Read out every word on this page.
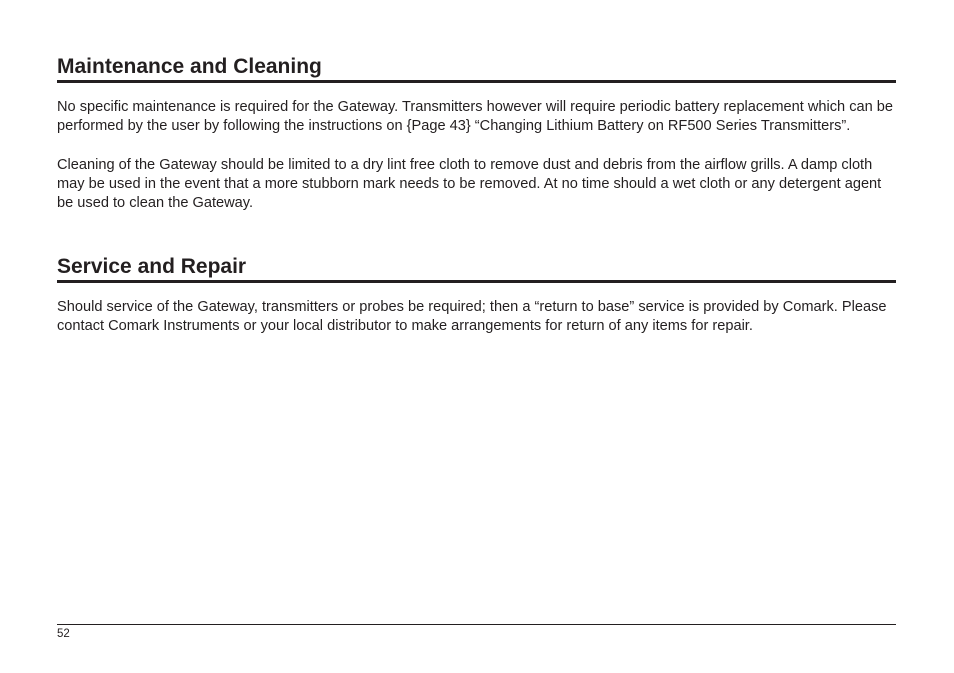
Maintenance and Cleaning

No specific maintenance is required for the Gateway. Transmitters however will require periodic battery replacement which can be performed by the user by following the instructions on {Page 43} “Changing Lithium Battery on RF500 Series Transmitters”.

Cleaning of the Gateway should be limited to a dry lint free cloth to remove dust and debris from the airflow grills. A damp cloth may be used in the event that a more stubborn mark needs to be removed. At no time should a wet cloth or any detergent agent be used to clean the Gateway.

Service and Repair

Should service of the Gateway, transmitters or probes be required; then a “return to base” service is provided by Comark. Please contact Comark Instruments or your local distributor to make arrangements for return of any items for repair.

52
